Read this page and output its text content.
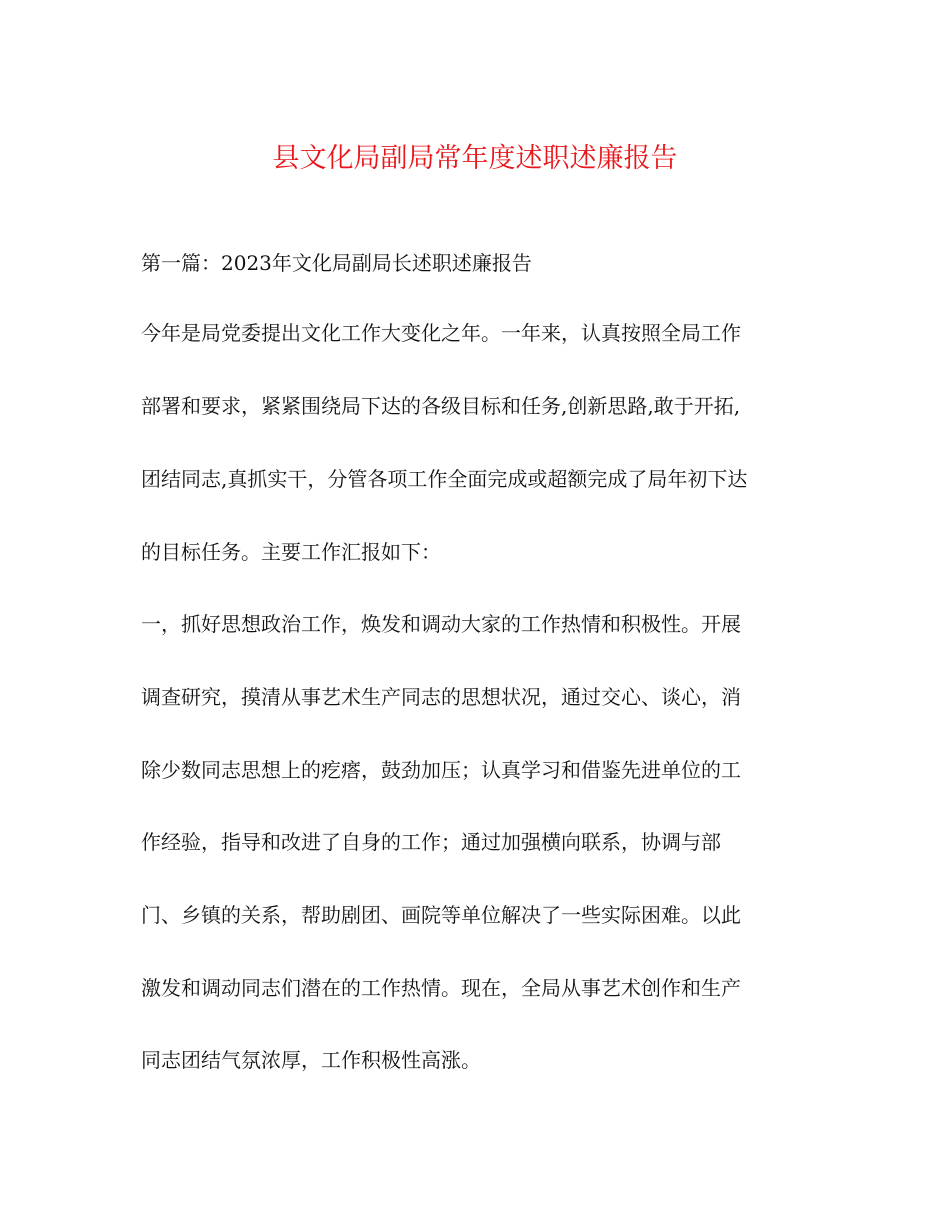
县文化局副局常年度述职述廉报告
第一篇：2023年文化局副局长述职述廉报告
今年是局党委提出文化工作大变化之年。一年来，认真按照全局工作
部署和要求，紧紧围绕局下达的各级目标和任务,创新思路,敢于开拓,
团结同志,真抓实干，分管各项工作全面完成或超额完成了局年初下达
的目标任务。主要工作汇报如下：
一，抓好思想政治工作，焕发和调动大家的工作热情和积极性。开展
调查研究，摸清从事艺术生产同志的思想状况，通过交心、谈心，消
除少数同志思想上的疙瘩，鼓劲加压；认真学习和借鉴先进单位的工
作经验，指导和改进了自身的工作；通过加强横向联系，协调与部
门、乡镇的关系，帮助剧团、画院等单位解决了一些实际困难。以此
激发和调动同志们潜在的工作热情。现在，全局从事艺术创作和生产
同志团结气氛浓厚，工作积极性高涨。
